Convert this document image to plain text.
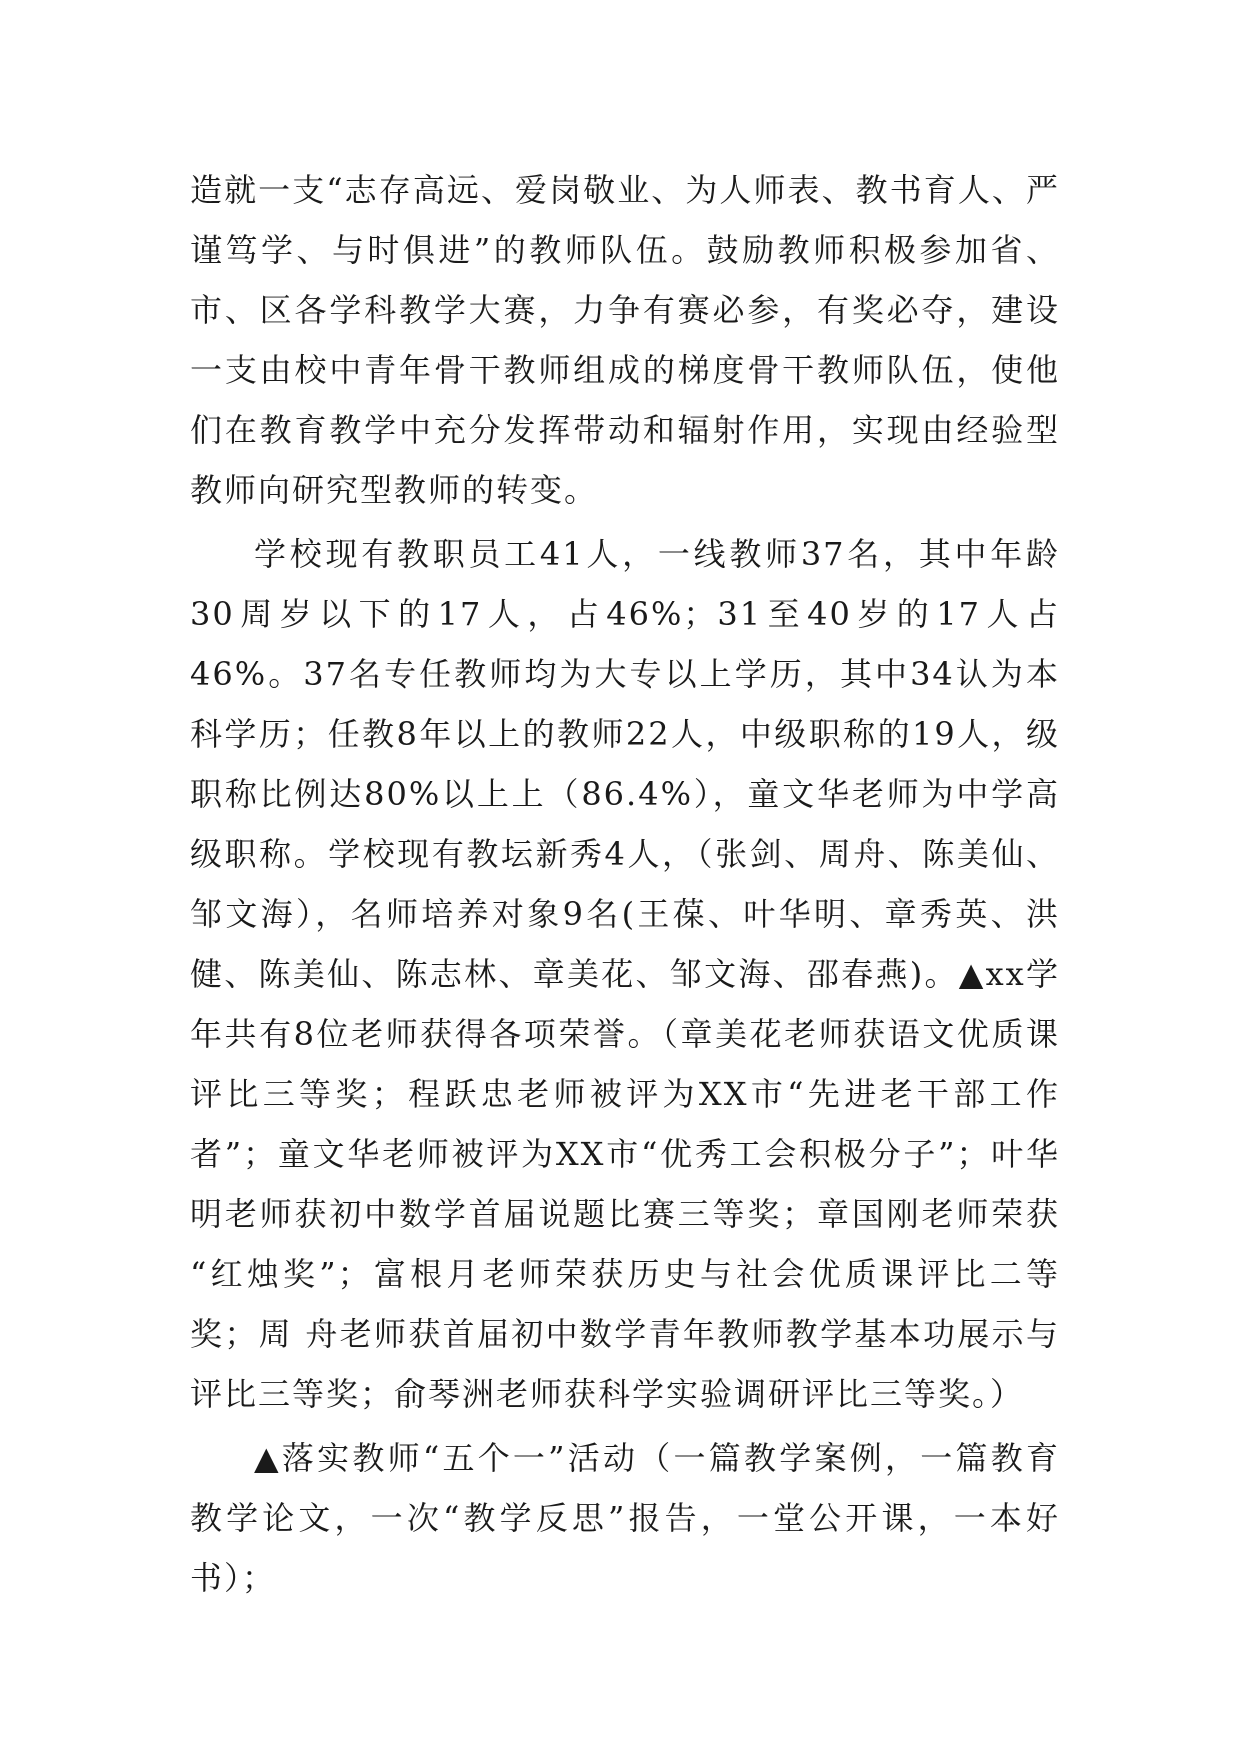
造就一支“志存高远、爱岗敬业、为人师表、教书育人、严谨笃学、与时俱进”的教师队伍。鼓励教师积极参加省、市、区各学科教学大赛，力争有赛必参，有奖必夺，建设一支由校中青年骨干教师组成的梯度骨干教师队伍，使他们在教育教学中充分发挥带动和辐射作用，实现由经验型教师向研究型教师的转变。

学校现有教职员工41人，一线教师37名，其中年龄30周岁以下的17人，占46%；31至40岁的17人占46%。37名专任教师均为大专以上学历，其中34认为本科学历；任教8年以上的教师22人，中级职称的19人，级职称比例达80%以上上（86.4%），童文华老师为中学高级职称。学校现有教坛新秀4人，（张剑、周舟、陈美仙、邹文海），名师培养对象9名(王葆、叶华明、章秀英、洪健、陈美仙、陈志林、章美花、邹文海、邵春燕)。▲xx学年共有8位老师获得各项荣誉。（章美花老师获语文优质课评比三等奖；程跃忠老师被评为XX市“先进老干部工作者”；童文华老师被评为XX市“优秀工会积极分子”；叶华明老师获初中数学首届说题比赛三等奖；章国刚老师荣获 “红烛奖”；富根月老师荣获历史与社会优质课评比二等奖；周 舟老师获首届初中数学青年教师教学基本功展示与评比三等奖；俞琴洲老师获科学实验调研评比三等奖。）

▲落实教师“五个一”活动（一篇教学案例，一篇教育教学论文，一次“教学反思”报告，一堂公开课，一本好书）；
